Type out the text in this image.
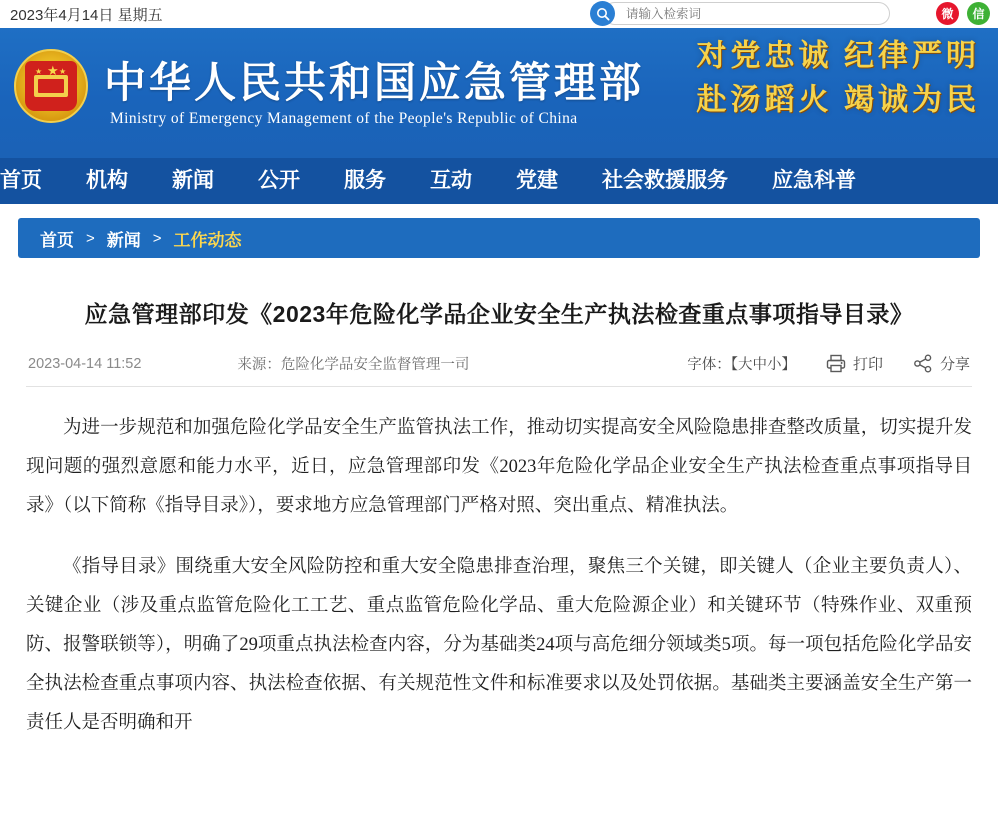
2023年4月14日 星期五
请输入检索词	微	信
★
★ ★ 中华人民共和国应急管理部
Ministry of Emergency Management of the People's Republic of China
对党忠诚 纪律严明
赴汤蹈火 竭诚为民
首页	机构	新闻	公开	服务	互动	党建	社会救援服务	应急科普
首页 > 新闻 > 工作动态
应急管理部印发《2023年危险化学品企业安全生产执法检查重点事项指导目录》
2023-04-14 11:52	来源：危险化学品安全监督管理一司	字体：【大中小】	打印	分享

为进一步规范和加强危险化学品安全生产监管执法工作，推动切实提高安全风险隐患排查整改质量，切实提升发现问题的强烈意愿和能力水平，近日，应急管理部印发《2023年危险化学品企业安全生产执法检查重点事项指导目录》（以下简称《指导目录》），要求地方应急管理部门严格对照、突出重点、精准执法。

《指导目录》围绕重大安全风险防控和重大安全隐患排查治理，聚焦三个关键，即关键人（企业主要负责人）、关键企业（涉及重点监管危险化工工艺、重点监管危险化学品、重大危险源企业）和关键环节（特殊作业、双重预防、报警联锁等），明确了29项重点执法检查内容，分为基础类24项与高危细分领域类5项。每一项包括危险化学品安全执法检查重点事项内容、执法检查依据、有关规范性文件和标准要求以及处罚依据。基础类主要涵盖安全生产第一责任人是否明确和开
